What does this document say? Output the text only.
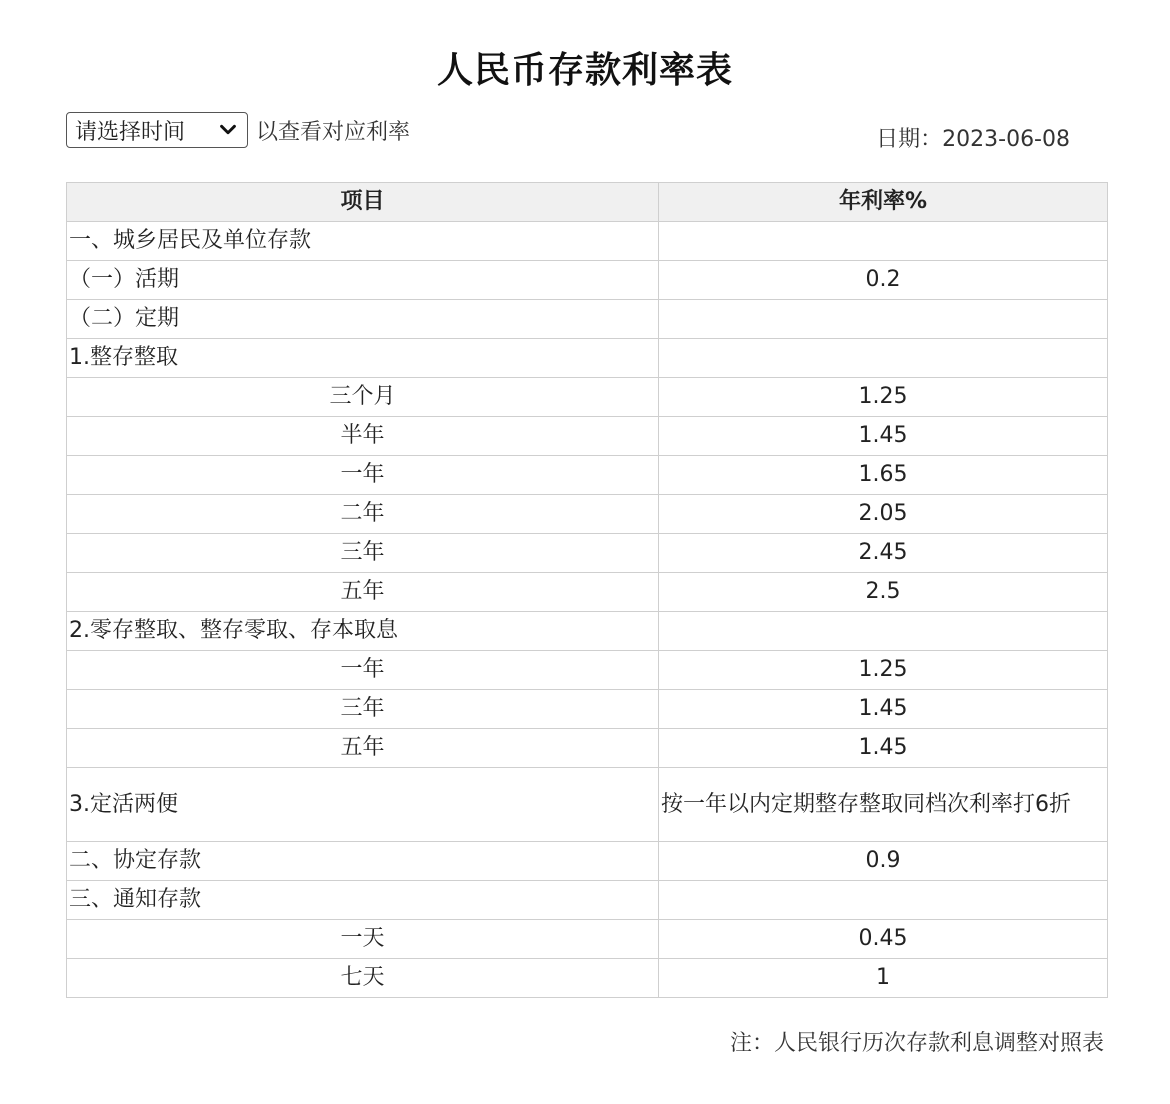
人民币存款利率表
请选择时间	以查看对应利率	日期：2023-06-08
项目	年利率%
一、城乡居民及单位存款	
（一）活期	0.2
（二）定期	
1.整存整取	
三个月	1.25
半年	1.45
一年	1.65
二年	2.05
三年	2.45
五年	2.5
2.零存整取、整存零取、存本取息	
一年	1.25
三年	1.45
五年	1.45
3.定活两便	按一年以内定期整存整取同档次利率打6折
二、协定存款	0.9
三、通知存款	
一天	0.45
七天	1
注：人民银行历次存款利息调整对照表
